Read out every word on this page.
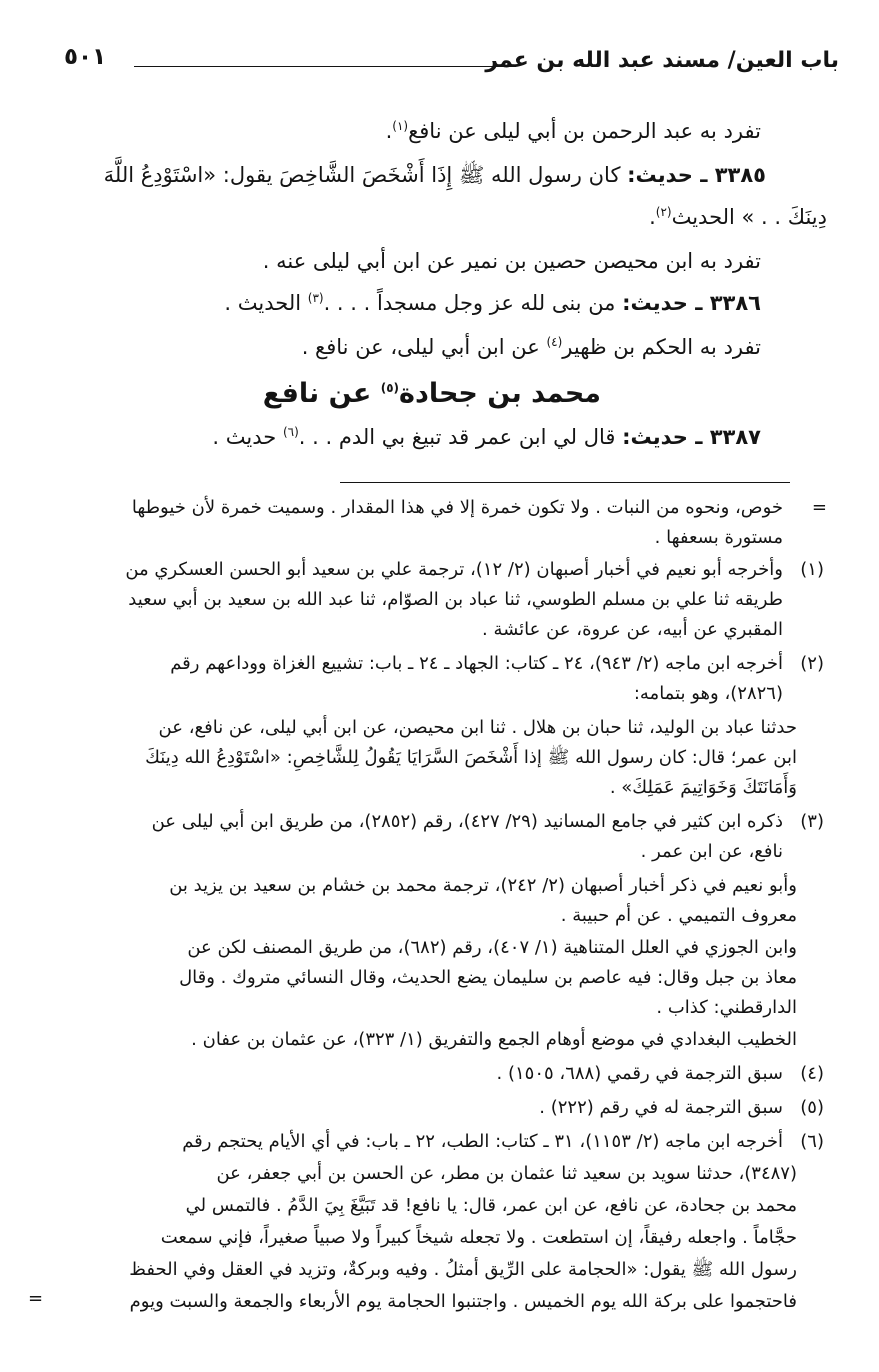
باب العين/ مسند عبد الله بن عمر
٥٠١
تفرد به عبد الرحمن بن أبي ليلى عن نافع$^{(١)}$.
٣٣٨٥ ـ حديث: كان رسول الله ﷺ إِذَا أَشْخَصَ الشَّاخِصَ يقول: «اسْتَوْدِعُ اللَّهَ
دِينَكَ . . » الحديث$^{(٢)}$.
تفرد به ابن محيصن حصين بن نمير عن ابن أبي ليلى عنه .
٣٣٨٦ ـ حديث: من بنى لله عز وجل مسجداً . . . .$^{(٣)}$ الحديث .
تفرد به الحكم بن ظهير$^{(٤)}$ عن ابن أبي ليلى، عن نافع .
محمد بن جحادة$^{(٥)}$ عن نافع
٣٣٨٧ ـ حديث: قال لي ابن عمر قد تبيغ بي الدم . . .$^{(٦)}$ حديث .
=
خوص، ونحوه من النبات . ولا تكون خمرة إلا في هذا المقدار . وسميت خمرة لأن خيوطها
مستورة بسعفها .
(١)
وأخرجه أبو نعيم في أخبار أصبهان (٢/ ١٢)، ترجمة علي بن سعيد أبو الحسن العسكري من
طريقه ثنا علي بن مسلم الطوسي، ثنا عباد بن الصوّام، ثنا عبد الله بن سعيد بن أبي سعيد
المقبري عن أبيه، عن عروة، عن عائشة .
(٢)
أخرجه ابن ماجه (٢/ ٩٤٣)، ٢٤ ـ كتاب: الجهاد ـ ٢٤ ـ باب: تشييع الغزاة ووداعهم رقم
(٢٨٢٦)، وهو بتمامه:
حدثنا عباد بن الوليد، ثنا حبان بن هلال . ثنا ابن محيصن، عن ابن أبي ليلى، عن نافع، عن
ابن عمر؛ قال: كان رسول الله ﷺ إذا أَشْخَصَ السَّرَايَا يَقُولُ لِلشَّاخِصِ: «اسْتَوْدِعُ الله دِينَكَ
وَأَمَانَتَكَ وَخَوَاتِيمَ عَمَلِكَ» .
(٣)
ذكره ابن كثير في جامع المسانيد (٢٩/ ٤٢٧)، رقم (٢٨٥٢)، من طريق ابن أبي ليلى عن
نافع، عن ابن عمر .
وأبو نعيم في ذكر أخبار أصبهان (٢/ ٢٤٢)، ترجمة محمد بن خشام بن سعيد بن يزيد بن
معروف التميمي . عن أم حبيبة .
وابن الجوزي في العلل المتناهية (١/ ٤٠٧)، رقم (٦٨٢)، من طريق المصنف لكن عن
معاذ بن جبل وقال: فيه عاصم بن سليمان يضع الحديث، وقال النسائي متروك . وقال
الدارقطني: كذاب .
الخطيب البغدادي في موضع أوهام الجمع والتفريق (١/ ٣٢٣)، عن عثمان بن عفان .
(٤)
سبق الترجمة في رقمي (٦٨٨، ١٥٠٥) .
(٥)
سبق الترجمة له في رقم (٢٢٢) .
(٦)
أخرجه ابن ماجه (٢/ ١١٥٣)، ٣١ ـ كتاب: الطب، ٢٢ ـ باب: في أي الأيام يحتجم رقم
(٣٤٨٧)، حدثنا سويد بن سعيد ثنا عثمان بن مطر، عن الحسن بن أبي جعفر، عن
محمد بن جحادة، عن نافع، عن ابن عمر، قال: يا نافع! قد تَبَيَّغَ بِيَ الدَّمُ . فالتمس لي
حجَّاماً . واجعله رفيقاً، إن استطعت . ولا تجعله شيخاً كبيراً ولا صبياً صغيراً، فإني سمعت
رسول الله ﷺ يقول: «الحجامة على الرِّيق أمثلُ . وفيه وبركةٌ، وتزيد في العقل وفي الحفظ
فاحتجموا على بركة الله يوم الخميس . واجتنبوا الحجامة يوم الأربعاء والجمعة والسبت ويوم
=
